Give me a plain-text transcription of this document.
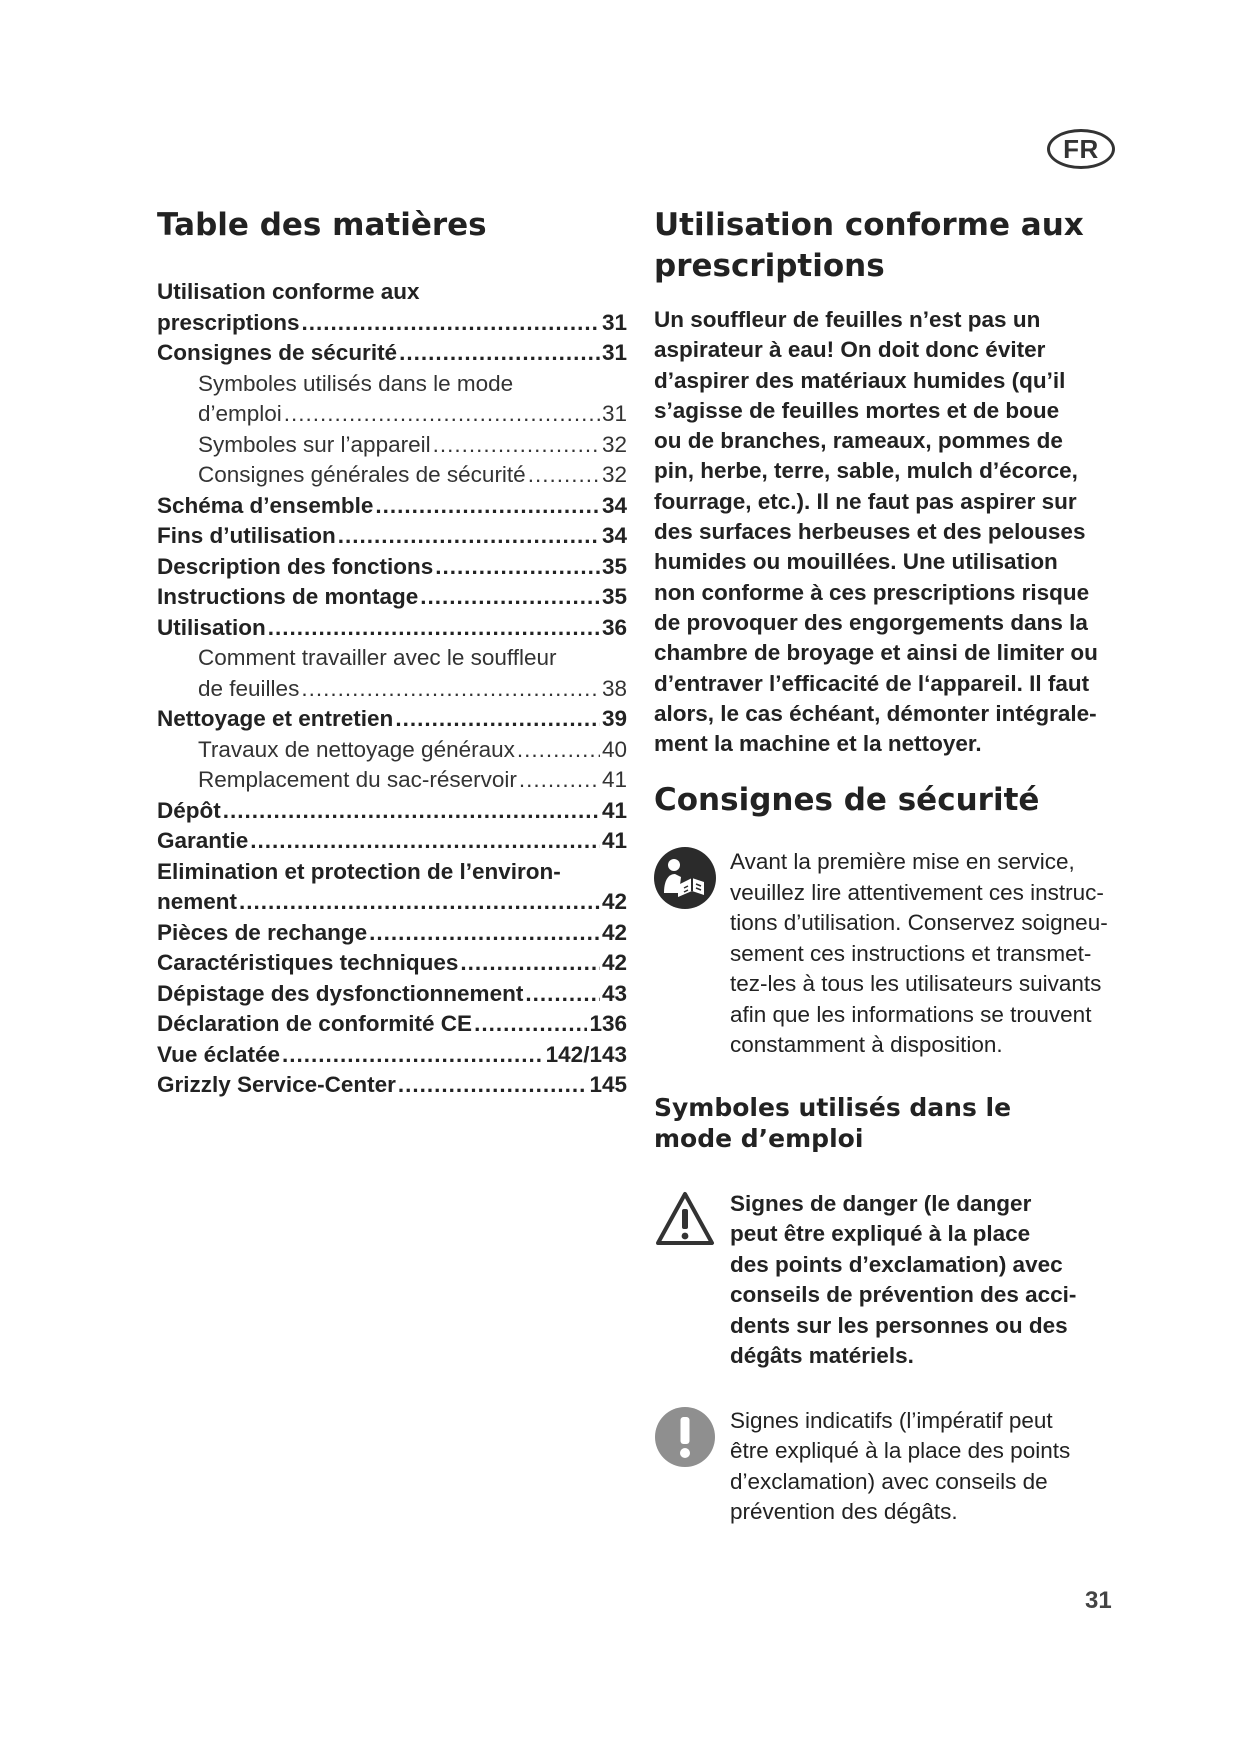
FR
Table des matières
Utilisation conforme aux
prescriptions .....	31
Consignes de sécurité .....	31
Symboles utilisés dans le mode
d’emploi .....	31
Symboles sur l’appareil .....	32
Consignes générales de sécurité .....	32
Schéma d’ensemble .....	34
Fins d’utilisation .....	34
Description des fonctions .....	35
Instructions de montage .....	35
Utilisation .....	36
Comment travailler avec le souffleur
de feuilles .....	38
Nettoyage et entretien .....	39
Travaux de nettoyage généraux .....	40
Remplacement du sac-réservoir .....	41
Dépôt .....	41
Garantie .....	41
Elimination et protection de l’environ-
nement .....	42
Pièces de rechange .....	42
Caractéristiques techniques .....	42
Dépistage des dysfonctionnement .....	43
Déclaration de conformité CE .....	136
Vue éclatée .....	142/143
Grizzly Service-Center .....	145
Utilisation conforme aux prescriptions
Un souffleur de feuilles n’est pas un
aspirateur à eau! On doit donc éviter
d’aspirer des matériaux humides (qu’il
s’agisse de feuilles mortes et de boue
ou de branches, rameaux, pommes de
pin, herbe, terre, sable, mulch d’écorce,
fourrage, etc.). Il ne faut pas aspirer sur
des surfaces herbeuses et des pelouses
humides ou mouillées. Une utilisation
non conforme à ces prescriptions risque
de provoquer des engorgements dans la
chambre de broyage et ainsi de limiter ou
d’entraver l’efficacité de l‘appareil. Il faut
alors, le cas échéant, démonter intégrale-
ment la machine et la nettoyer.
Consignes de sécurité
Avant la première mise en service,
veuillez lire attentivement ces instruc-
tions d’utilisation. Conservez soigneu-
sement ces instructions et transmet-
tez-les à tous les utilisateurs suivants
afin que les informations se trouvent
constamment à disposition.
Symboles utilisés dans le mode d’emploi
Signes de danger (le danger
peut être expliqué à la place
des points d’exclamation) avec
conseils de prévention des acci-
dents sur les personnes ou des
dégâts matériels.
Signes indicatifs (l’impératif peut
être expliqué à la place des points
d’exclamation) avec conseils de
prévention des dégâts.
31
